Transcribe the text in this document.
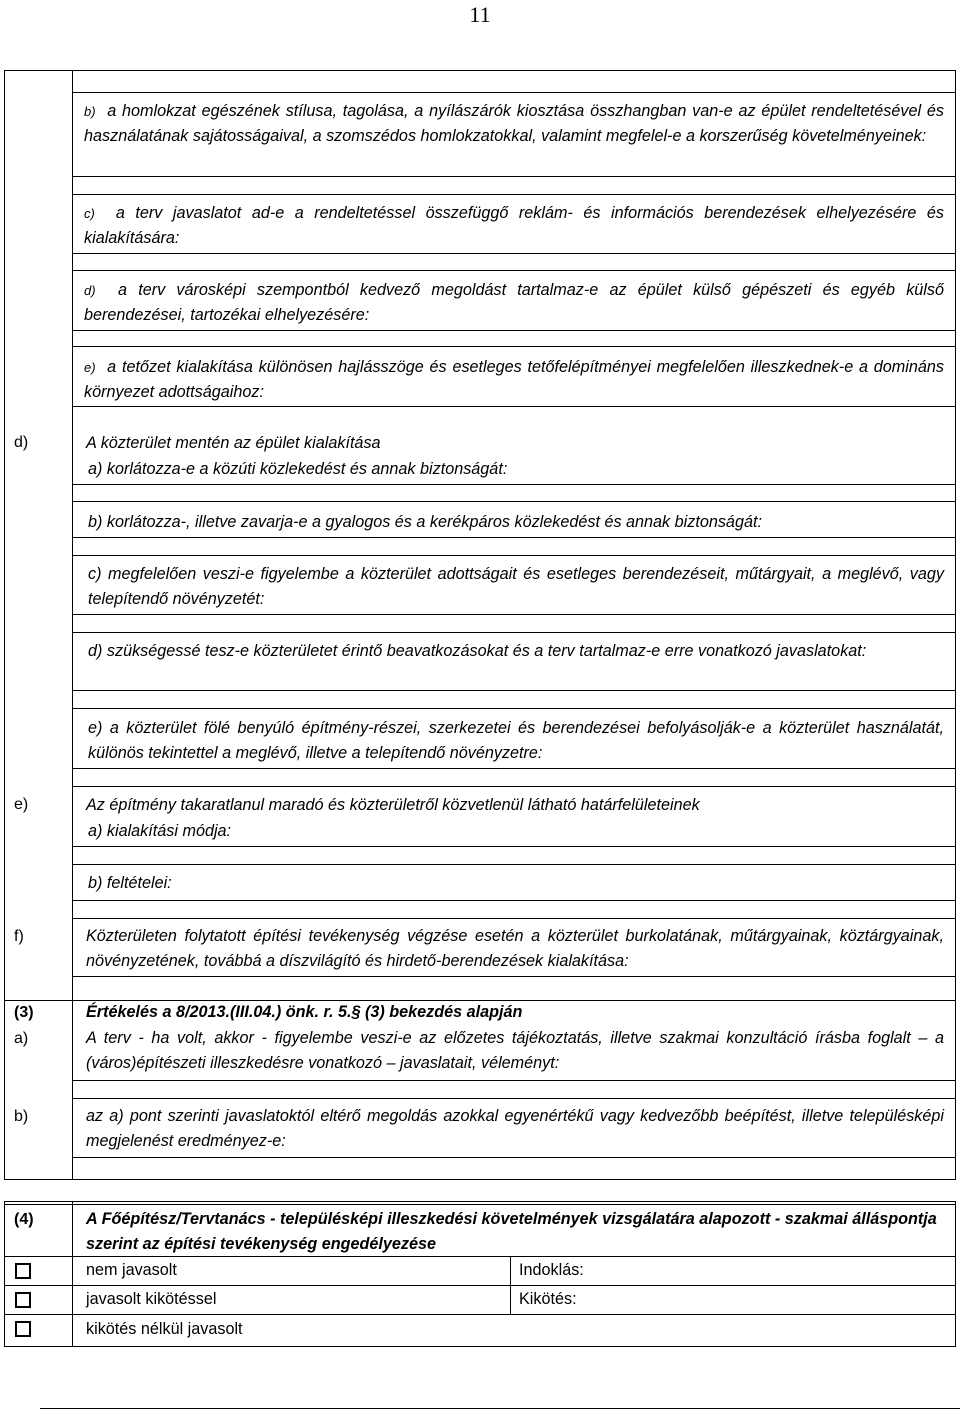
11
b) a homlokzat egészének stílusa, tagolása, a nyílászárók kiosztása összhangban van-e az épület rendeltetésével és használatának sajátosságaival, a szomszédos homlokzatokkal, valamint megfelel-e a korszerűség követelményeinek:
c) a terv javaslatot ad-e a rendeltetéssel összefüggő reklám- és információs berendezések elhelyezésére és kialakítására:
d) a terv városképi szempontból kedvező megoldást tartalmaz-e az épület külső gépészeti és egyéb külső berendezései, tartozékai elhelyezésére:
e) a tetőzet kialakítása különösen hajlásszöge és esetleges tetőfelépítményei megfelelően illeszkednek-e a domináns környezet adottságaihoz:
d)	A közterület mentén az épület kialakítása
a) korlátozza-e a közúti közlekedést és annak biztonságát:
b) korlátozza-, illetve zavarja-e a gyalogos és a kerékpáros közlekedést és annak biztonságát:
c) megfelelően veszi-e figyelembe a közterület adottságait és esetleges berendezéseit, műtárgyait, a meglévő, vagy telepítendő növényzetét:
d) szükségessé tesz-e közterületet érintő beavatkozásokat és a terv tartalmaz-e erre vonatkozó javaslatokat:
e) a közterület fölé benyúló építmény-részei, szerkezetei és berendezései befolyásolják-e a közterület használatát, különös tekintettel a meglévő, illetve a telepítendő növényzetre:
e)	Az építmény takaratlanul maradó és közterületről közvetlenül látható határfelületeinek
a) kialakítási módja:
b) feltételei:
f)	Közterületen folytatott építési tevékenység végzése esetén a közterület burkolatának, műtárgyainak, köztárgyainak, növényzetének, továbbá a díszvilágító és hirdető-berendezések kialakítása:
(3)	Értékelés a 8/2013.(III.04.) önk. r. 5.§ (3) bekezdés alapján
a)	A terv - ha volt, akkor - figyelembe veszi-e az előzetes tájékoztatás, illetve szakmai konzultáció írásba foglalt – a (város)építészeti illeszkedésre vonatkozó – javaslatait, véleményt:
b)	az a) pont szerinti javaslatoktól eltérő megoldás azokkal egyenértékű vagy kedvezőbb beépítést, illetve településképi megjelenést eredményez-e:
(4)	A Főépítész/Tervtanács - településképi illeszkedési követelmények vizsgálatára alapozott - szakmai álláspontja szerint az építési tevékenység engedélyezése
nem javasolt	Indoklás:
javasolt kikötéssel	Kikötés:
kikötés nélkül javasolt
